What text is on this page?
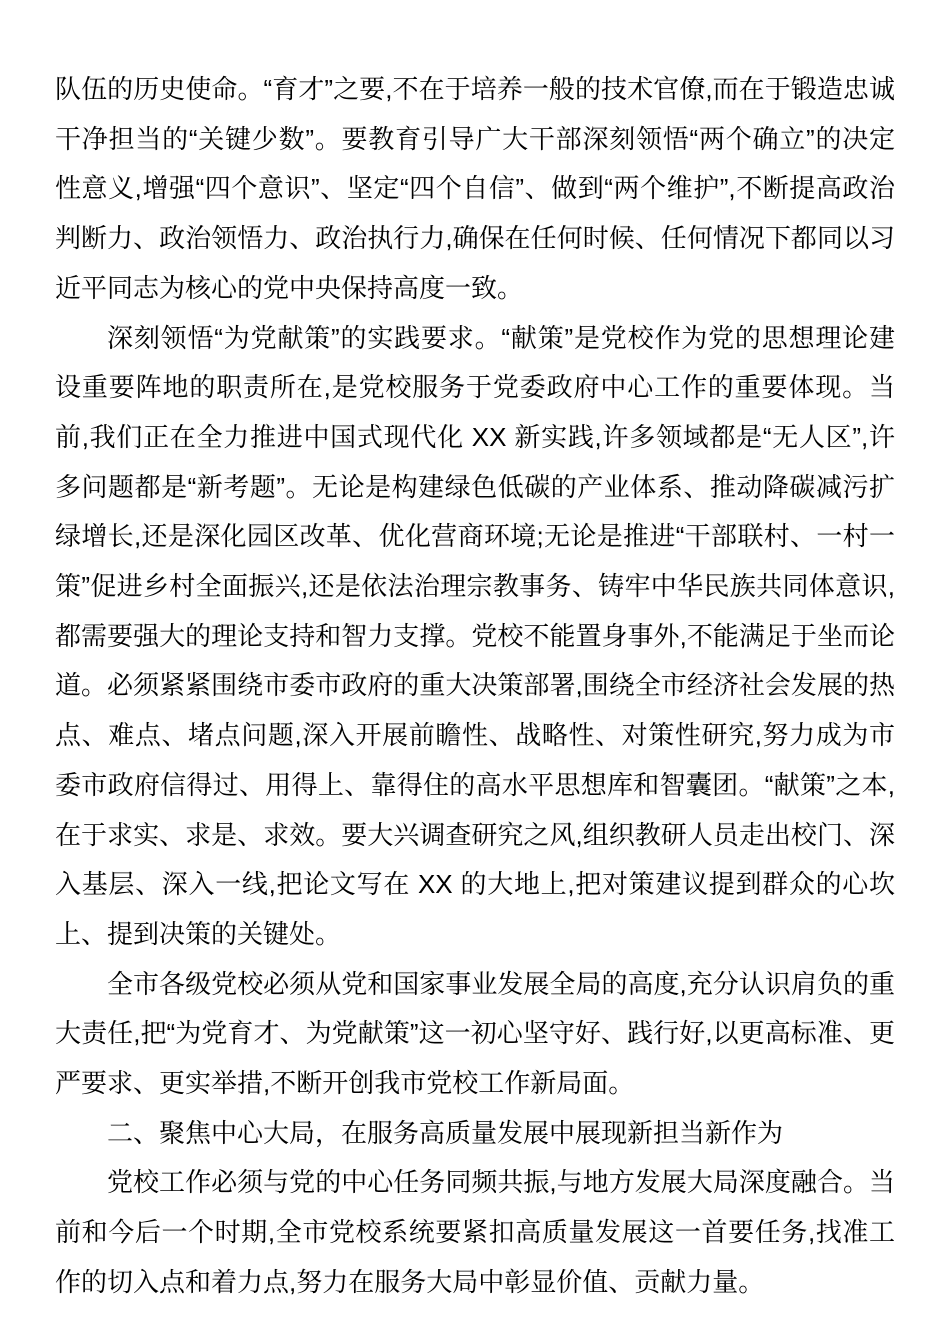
队伍的历史使命。“育才”之要,不在于培养一般的技术官僚,而在于锻造忠诚干净担当的“关键少数”。要教育引导广大干部深刻领悟“两个确立”的决定性意义,增强“四个意识”、坚定“四个自信”、做到“两个维护”,不断提高政治判断力、政治领悟力、政治执行力,确保在任何时候、任何情况下都同以习近平同志为核心的党中央保持高度一致。

深刻领悟“为党献策”的实践要求。“献策”是党校作为党的思想理论建设重要阵地的职责所在,是党校服务于党委政府中心工作的重要体现。当前,我们正在全力推进中国式现代化 XX 新实践,许多领域都是“无人区”,许多问题都是“新考题”。无论是构建绿色低碳的产业体系、推动降碳减污扩绿增长,还是深化园区改革、优化营商环境;无论是推进“干部联村、一村一策”促进乡村全面振兴,还是依法治理宗教事务、铸牢中华民族共同体意识,都需要强大的理论支持和智力支撑。党校不能置身事外,不能满足于坐而论道。必须紧紧围绕市委市政府的重大决策部署,围绕全市经济社会发展的热点、难点、堵点问题,深入开展前瞻性、战略性、对策性研究,努力成为市委市政府信得过、用得上、靠得住的高水平思想库和智囊团。“献策”之本,在于求实、求是、求效。要大兴调查研究之风,组织教研人员走出校门、深入基层、深入一线,把论文写在 XX 的大地上,把对策建议提到群众的心坎上、提到决策的关键处。

全市各级党校必须从党和国家事业发展全局的高度,充分认识肩负的重大责任,把“为党育才、为党献策”这一初心坚守好、践行好,以更高标准、更严要求、更实举措,不断开创我市党校工作新局面。

二、聚焦中心大局，在服务高质量发展中展现新担当新作为

党校工作必须与党的中心任务同频共振,与地方发展大局深度融合。当前和今后一个时期,全市党校系统要紧扣高质量发展这一首要任务,找准工作的切入点和着力点,努力在服务大局中彰显价值、贡献力量。
